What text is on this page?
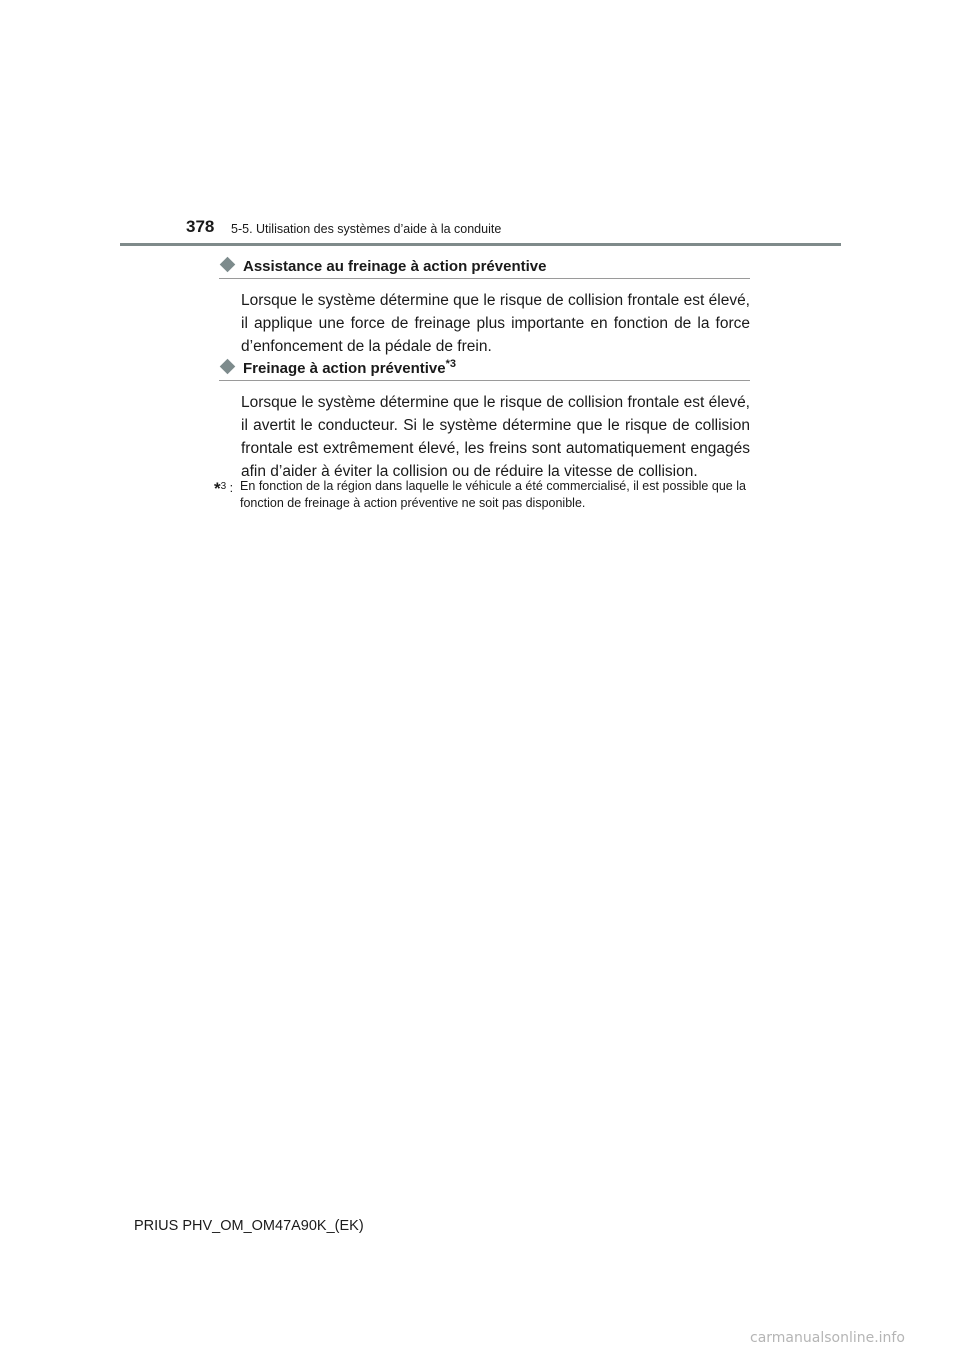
378 5-5. Utilisation des systèmes d’aide à la conduite
Assistance au freinage à action préventive
Lorsque le système détermine que le risque de collision frontale est élevé, il applique une force de freinage plus importante en fonction de la force d’enfoncement de la pédale de frein.
Freinage à action préventive$^{*3}$
Lorsque le système détermine que le risque de collision frontale est élevé, il avertit le conducteur. Si le système détermine que le risque de collision frontale est extrêmement élevé, les freins sont automatiquement engagés afin d’aider à éviter la collision ou de réduire la vitesse de collision.
*$^3$ : En fonction de la région dans laquelle le véhicule a été commercialisé, il est possible que la fonction de freinage à action préventive ne soit pas disponible.
PRIUS PHV_OM_OM47A90K_(EK)
carmanualsonline.info
